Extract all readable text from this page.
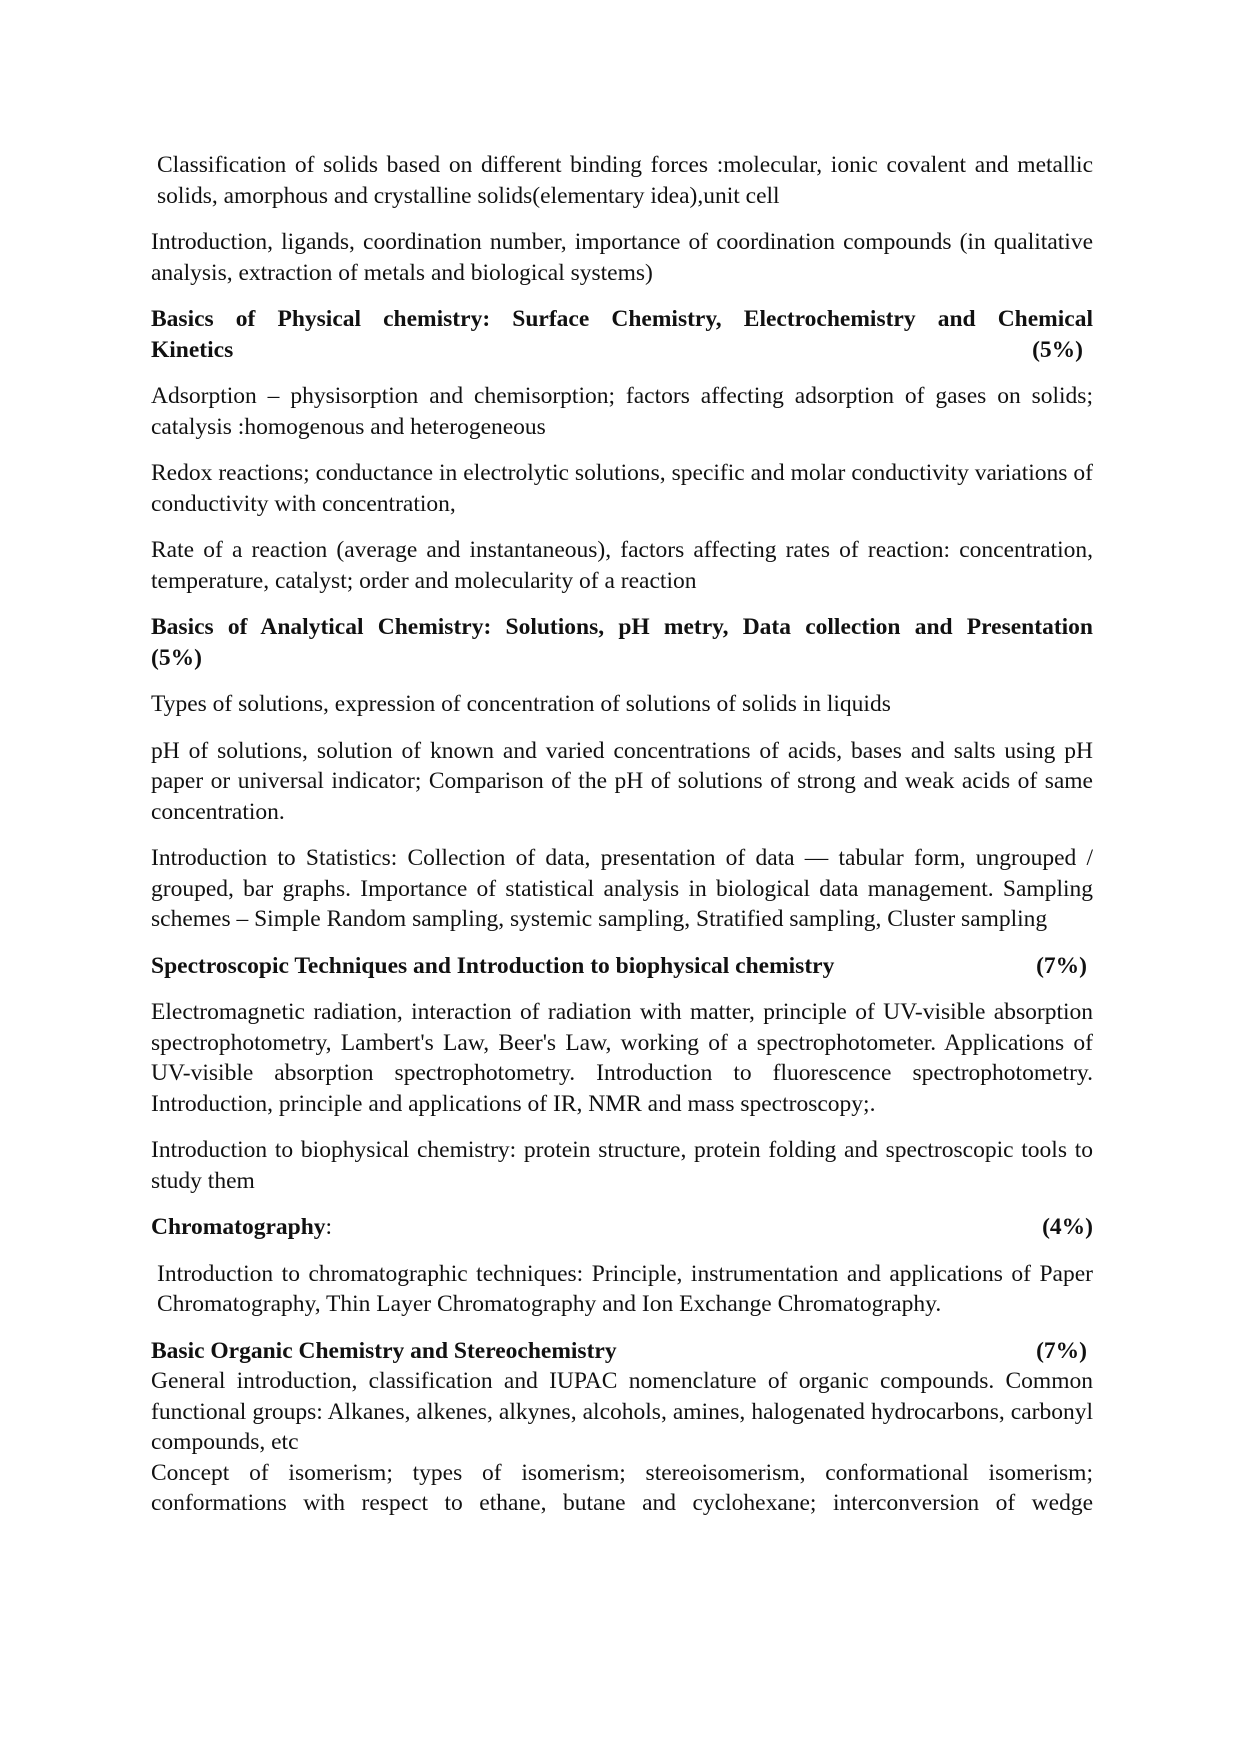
Classification of solids based on different binding forces :molecular, ionic covalent and metallic solids, amorphous and crystalline solids(elementary idea),unit cell

Introduction, ligands, coordination number, importance of coordination compounds (in qualitative analysis, extraction of metals and biological systems)

Basics of Physical chemistry: Surface Chemistry, Electrochemistry and Chemical
Kinetics	(5%)

Adsorption – physisorption and chemisorption; factors affecting adsorption of gases on solids; catalysis :homogenous and heterogeneous

Redox reactions; conductance in electrolytic solutions, specific and molar conductivity variations of conductivity with concentration,

Rate of a reaction (average and instantaneous), factors affecting rates of reaction: concentration, temperature, catalyst; order and molecularity of a reaction

Basics of Analytical Chemistry: Solutions, pH metry, Data collection and Presentation
(5%)

Types of solutions, expression of concentration of solutions of solids in liquids

pH of solutions, solution of known and varied concentrations of acids, bases and salts using pH paper or universal indicator; Comparison of the pH of solutions of strong and weak acids of same concentration.

Introduction to Statistics: Collection of data, presentation of data — tabular form, ungrouped / grouped, bar graphs. Importance of statistical analysis in biological data management. Sampling schemes – Simple Random sampling, systemic sampling, Stratified sampling, Cluster sampling

Spectroscopic Techniques and Introduction to biophysical chemistry	(7%)

Electromagnetic radiation, interaction of radiation with matter, principle of UV-visible absorption spectrophotometry, Lambert's Law, Beer's Law, working of a spectrophotometer. Applications of UV-visible absorption spectrophotometry. Introduction to fluorescence spectrophotometry. Introduction, principle and applications of IR, NMR and mass spectroscopy;.

Introduction to biophysical chemistry: protein structure, protein folding and spectroscopic tools to study them

Chromatography:	(4%)

Introduction to chromatographic techniques: Principle, instrumentation and applications of Paper Chromatography, Thin Layer Chromatography and Ion Exchange Chromatography.

Basic Organic Chemistry and Stereochemistry	(7%)

General introduction, classification and IUPAC nomenclature of organic compounds. Common functional groups: Alkanes, alkenes, alkynes, alcohols, amines, halogenated hydrocarbons, carbonyl compounds, etc

Concept of isomerism; types of isomerism; stereoisomerism, conformational isomerism; conformations with respect to ethane, butane and cyclohexane; interconversion of wedge
